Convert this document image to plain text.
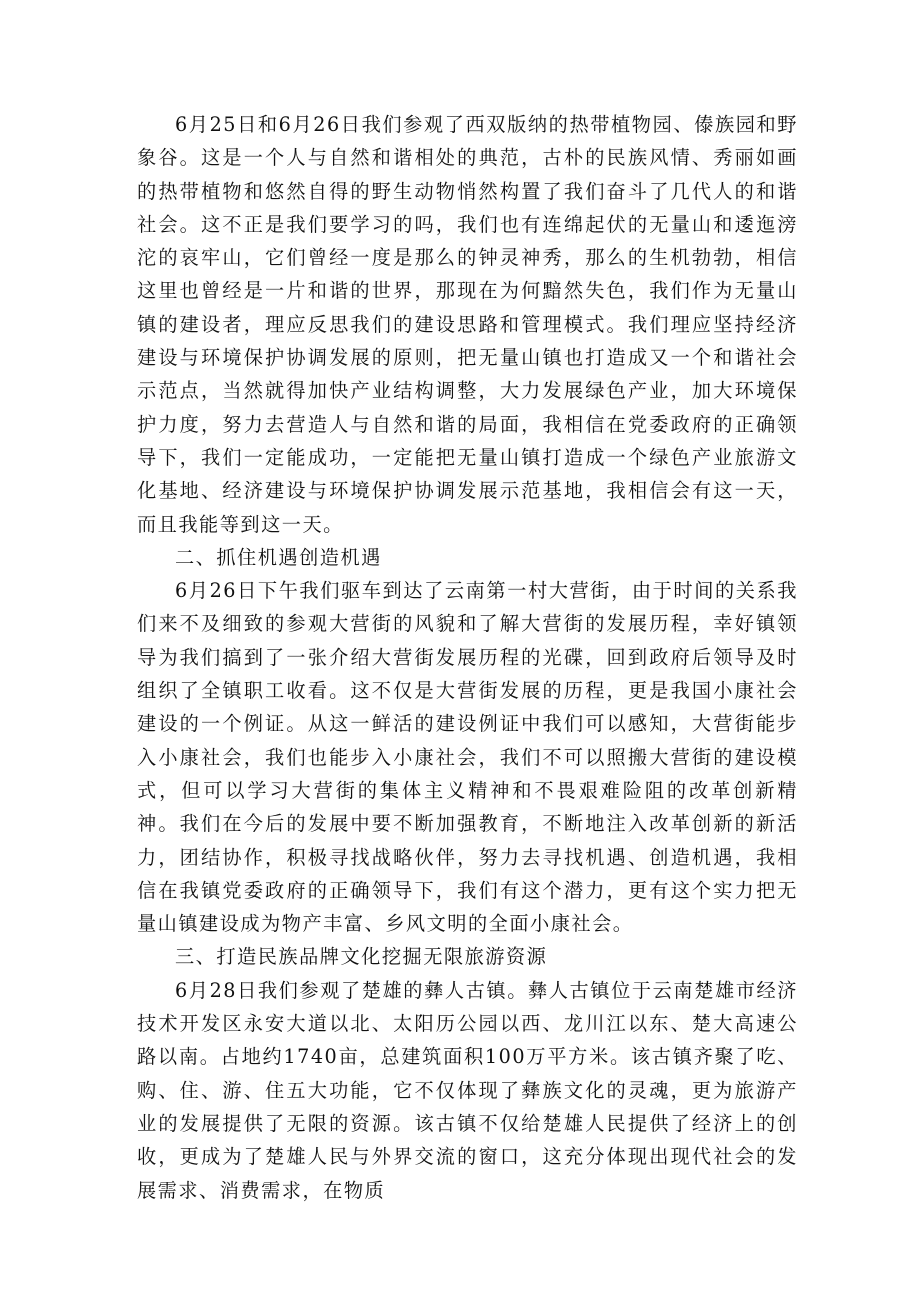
6月25日和6月26日我们参观了西双版纳的热带植物园、傣族园和野象谷。这是一个人与自然和谐相处的典范，古朴的民族风情、秀丽如画的热带植物和悠然自得的野生动物悄然构置了我们奋斗了几代人的和谐社会。这不正是我们要学习的吗，我们也有连绵起伏的无量山和逶迤滂沱的哀牢山，它们曾经一度是那么的钟灵神秀，那么的生机勃勃，相信这里也曾经是一片和谐的世界，那现在为何黯然失色，我们作为无量山镇的建设者，理应反思我们的建设思路和管理模式。我们理应坚持经济建设与环境保护协调发展的原则，把无量山镇也打造成又一个和谐社会示范点，当然就得加快产业结构调整，大力发展绿色产业，加大环境保护力度，努力去营造人与自然和谐的局面，我相信在党委政府的正确领导下，我们一定能成功，一定能把无量山镇打造成一个绿色产业旅游文化基地、经济建设与环境保护协调发展示范基地，我相信会有这一天，而且我能等到这一天。

二、抓住机遇创造机遇

6月26日下午我们驱车到达了云南第一村大营街，由于时间的关系我们来不及细致的参观大营街的风貌和了解大营街的发展历程，幸好镇领导为我们搞到了一张介绍大营街发展历程的光碟，回到政府后领导及时组织了全镇职工收看。这不仅是大营街发展的历程，更是我国小康社会建设的一个例证。从这一鲜活的建设例证中我们可以感知，大营街能步入小康社会，我们也能步入小康社会，我们不可以照搬大营街的建设模式，但可以学习大营街的集体主义精神和不畏艰难险阻的改革创新精神。我们在今后的发展中要不断加强教育，不断地注入改革创新的新活力，团结协作，积极寻找战略伙伴，努力去寻找机遇、创造机遇，我相信在我镇党委政府的正确领导下，我们有这个潜力，更有这个实力把无量山镇建设成为物产丰富、乡风文明的全面小康社会。

三、打造民族品牌文化挖掘无限旅游资源

6月28日我们参观了楚雄的彝人古镇。彝人古镇位于云南楚雄市经济技术开发区永安大道以北、太阳历公园以西、龙川江以东、楚大高速公路以南。占地约1740亩，总建筑面积100万平方米。该古镇齐聚了吃、购、住、游、住五大功能，它不仅体现了彝族文化的灵魂，更为旅游产业的发展提供了无限的资源。该古镇不仅给楚雄人民提供了经济上的创收，更成为了楚雄人民与外界交流的窗口，这充分体现出现代社会的发展需求、消费需求，在物质
